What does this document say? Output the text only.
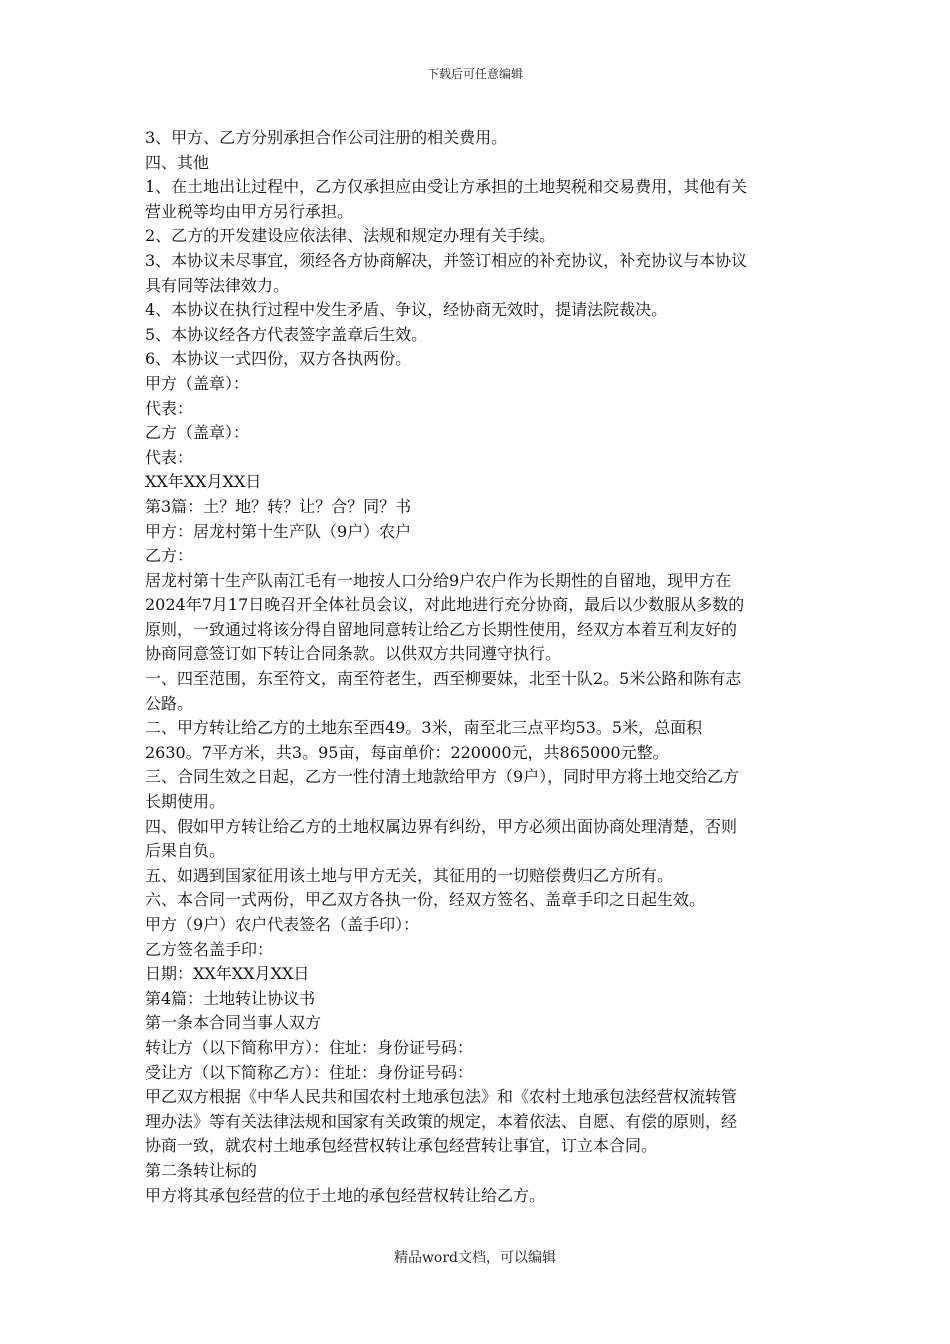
下载后可任意编辑
3、甲方、乙方分别承担合作公司注册的相关费用。
四、其他
1、在土地出让过程中，乙方仅承担应由受让方承担的土地契税和交易费用，其他有关
营业税等均由甲方另行承担。
2、乙方的开发建设应依法律、法规和规定办理有关手续。
3、本协议未尽事宜，须经各方协商解决，并签订相应的补充协议，补充协议与本协议
具有同等法律效力。
4、本协议在执行过程中发生矛盾、争议，经协商无效时，提请法院裁决。
5、本协议经各方代表签字盖章后生效。
6、本协议一式四份，双方各执两份。
甲方（盖章）：
代表：
乙方（盖章）：
代表：
XX年XX月XX日
第3篇：土？地？转？让？合？同？书
甲方：居龙村第十生产队（9户）农户
乙方：
居龙村第十生产队南江毛有一地按人口分给9户农户作为长期性的自留地，现甲方在
2024年7月17日晚召开全体社员会议，对此地进行充分协商，最后以少数服从多数的
原则，一致通过将该分得自留地同意转让给乙方长期性使用，经双方本着互利友好的
协商同意签订如下转让合同条款。以供双方共同遵守执行。
一、四至范围，东至符文，南至符老生，西至柳要妹，北至十队2。5米公路和陈有志
公路。
二、甲方转让给乙方的土地东至西49。3米，南至北三点平均53。5米，总面积
2630。7平方米，共3。95亩，每亩单价：220000元，共865000元整。
三、合同生效之日起，乙方一性付清土地款给甲方（9户），同时甲方将土地交给乙方
长期使用。
四、假如甲方转让给乙方的土地权属边界有纠纷，甲方必须出面协商处理清楚，否则
后果自负。
五、如遇到国家征用该土地与甲方无关，其征用的一切赔偿费归乙方所有。
六、本合同一式两份，甲乙双方各执一份，经双方签名、盖章手印之日起生效。
甲方（9户）农户代表签名（盖手印）：
乙方签名盖手印：
日期：XX年XX月XX日
第4篇：土地转让协议书
第一条本合同当事人双方
转让方（以下简称甲方）：住址：身份证号码：
受让方（以下简称乙方）：住址：身份证号码：
甲乙双方根据《中华人民共和国农村土地承包法》和《农村土地承包法经营权流转管
理办法》等有关法律法规和国家有关政策的规定，本着依法、自愿、有偿的原则，经
协商一致，就农村土地承包经营权转让承包经营转让事宜，订立本合同。
第二条转让标的
甲方将其承包经营的位于土地的承包经营权转让给乙方。
精品word文档，可以编辑
